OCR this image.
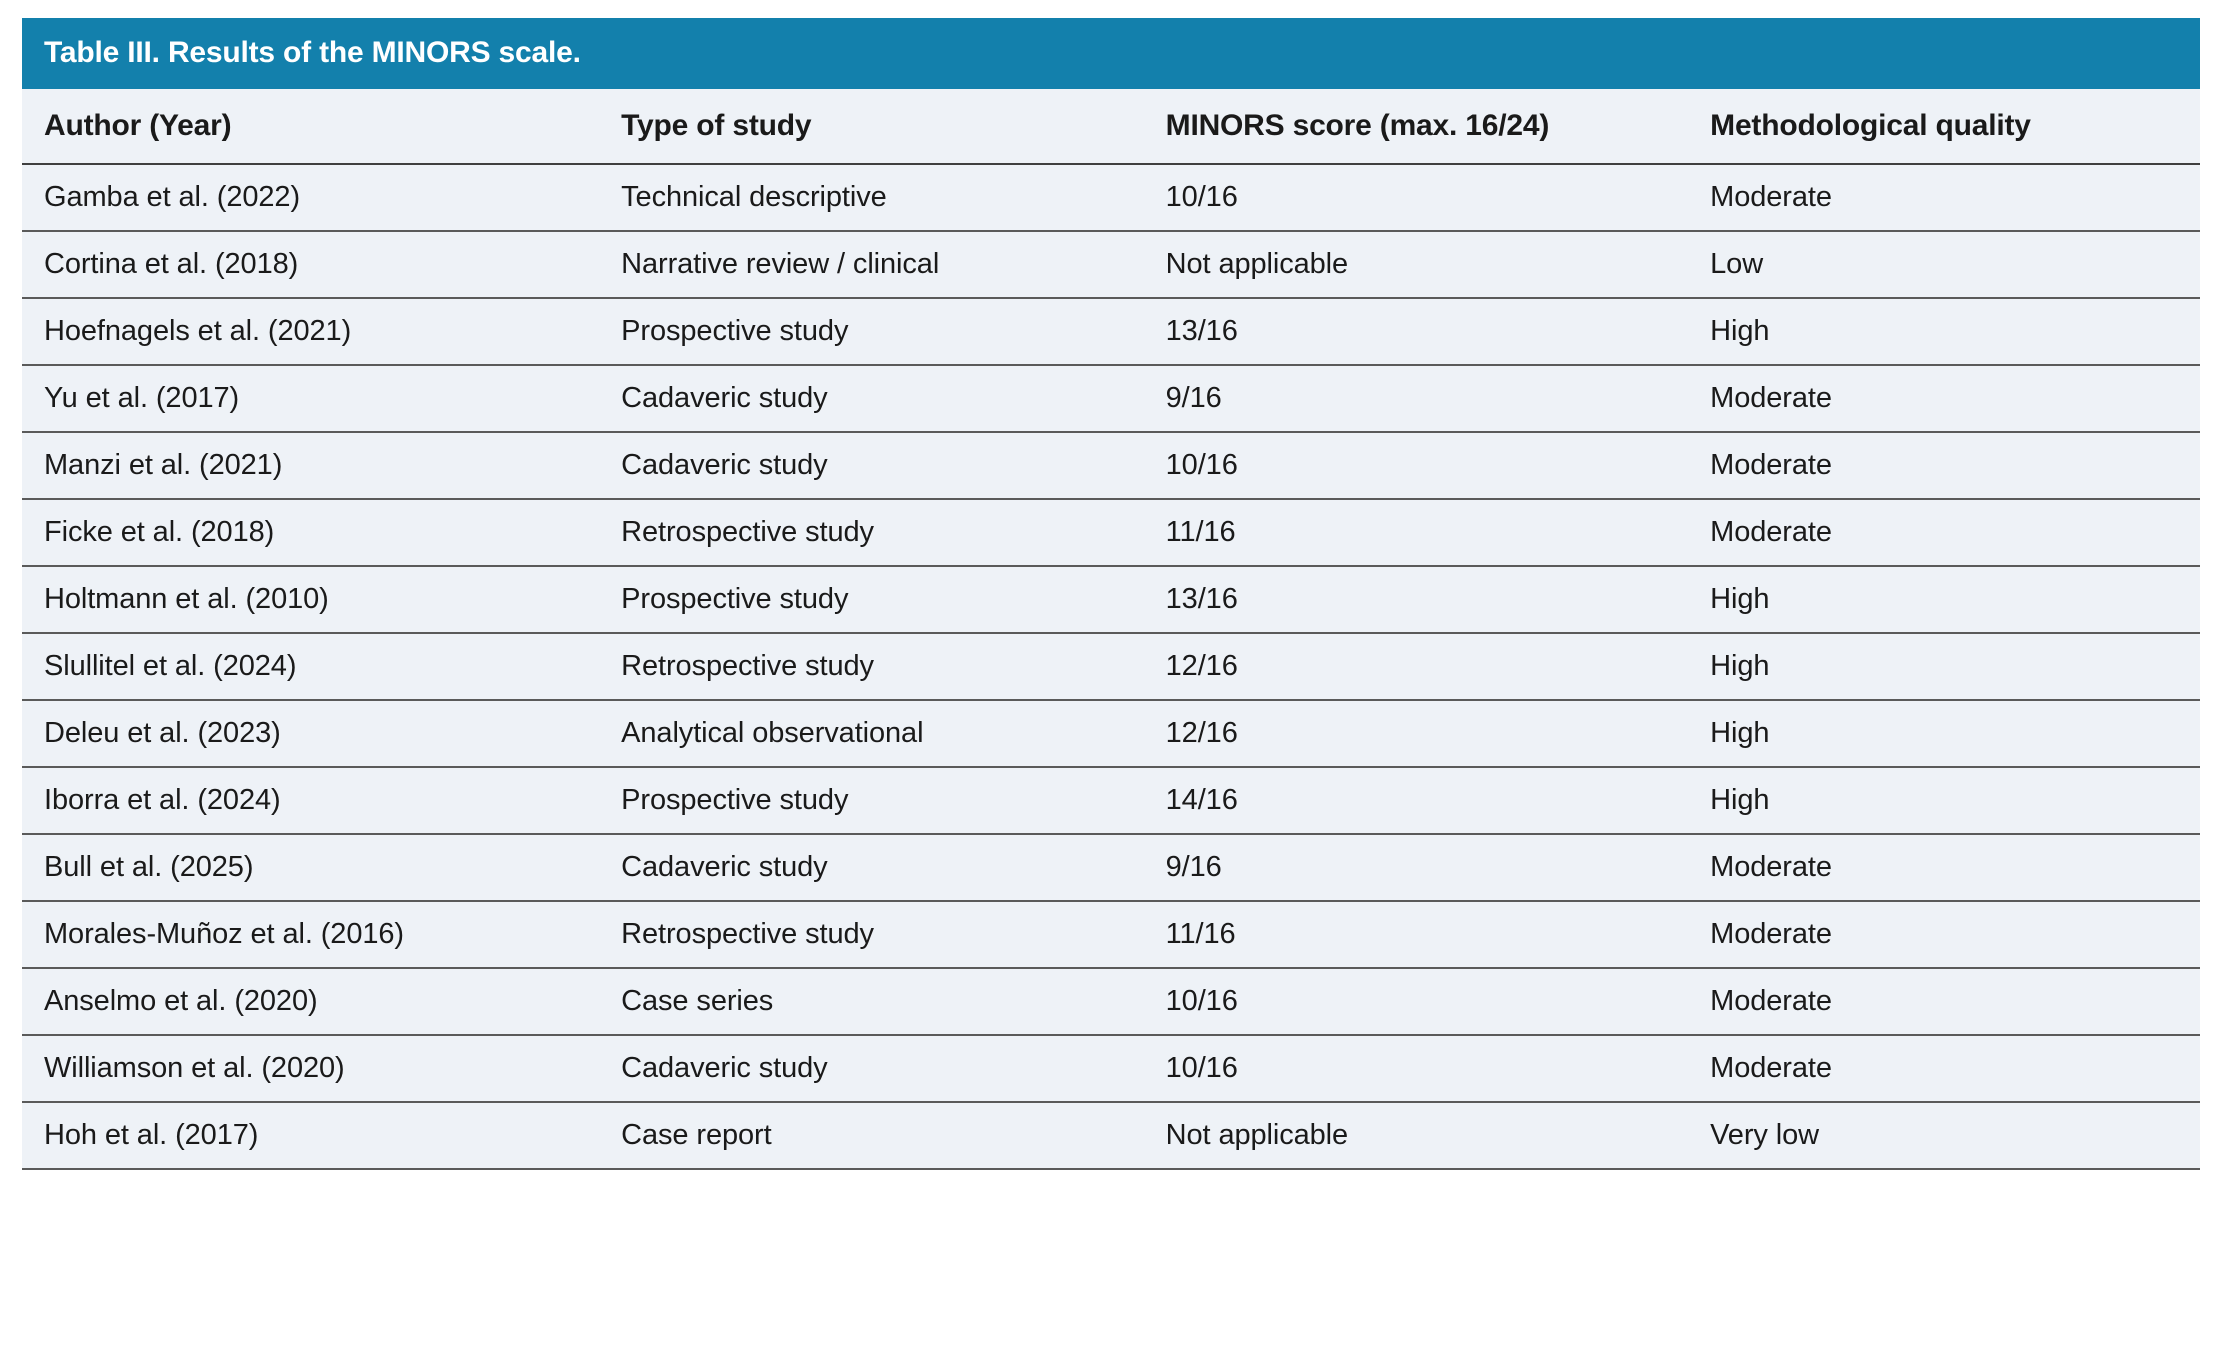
Table III. Results of the MINORS scale.
Author (Year)	Type of study	MINORS score (max. 16/24)	Methodological quality
Gamba et al. (2022)	Technical descriptive	10/16	Moderate
Cortina et al. (2018)	Narrative review / clinical	Not applicable	Low
Hoefnagels et al. (2021)	Prospective study	13/16	High
Yu et al. (2017)	Cadaveric study	9/16	Moderate
Manzi et al. (2021)	Cadaveric study	10/16	Moderate
Ficke et al. (2018)	Retrospective study	11/16	Moderate
Holtmann et al. (2010)	Prospective study	13/16	High
Slullitel et al. (2024)	Retrospective study	12/16	High
Deleu et al. (2023)	Analytical observational	12/16	High
Iborra et al. (2024)	Prospective study	14/16	High
Bull et al. (2025)	Cadaveric study	9/16	Moderate
Morales-Muñoz et al. (2016)	Retrospective study	11/16	Moderate
Anselmo et al. (2020)	Case series	10/16	Moderate
Williamson et al. (2020)	Cadaveric study	10/16	Moderate
Hoh et al. (2017)	Case report	Not applicable	Very low
